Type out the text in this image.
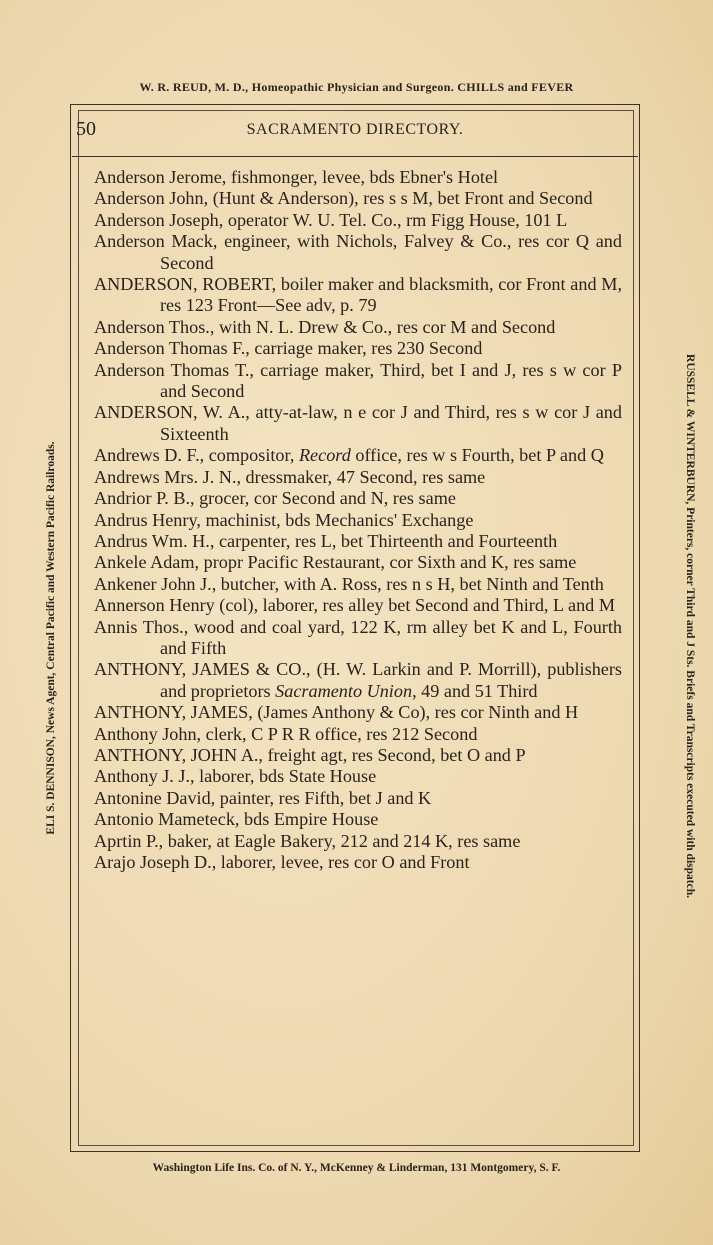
W. R. REUD, M. D., Homeopathic Physician and Surgeon. CHILLS and FEVER
ELI S. DENNISON, News Agent, Central Pacific and Western Pacific Railroads.	RUSSELL & WINTERBURN, Printers, corner Third and J Sts. Briefs and Transcripts executed with dispatch.
50	SACRAMENTO DIRECTORY.

Anderson Jerome, fishmonger, levee, bds Ebner's Hotel

Anderson John, (Hunt & Anderson), res s s M, bet Front and Second

Anderson Joseph, operator W. U. Tel. Co., rm Figg House, 101 L

Anderson Mack, engineer, with Nichols, Falvey & Co., res cor Q and Second

ANDERSON, ROBERT, boiler maker and blacksmith, cor Front and M, res 123 Front—See adv, p. 79

Anderson Thos., with N. L. Drew & Co., res cor M and Second

Anderson Thomas F., carriage maker, res 230 Second

Anderson Thomas T., carriage maker, Third, bet I and J, res s w cor P and Second

ANDERSON, W. A., atty-at-law, n e cor J and Third, res s w cor J and Sixteenth

Andrews D. F., compositor, Record office, res w s Fourth, bet P and Q

Andrews Mrs. J. N., dressmaker, 47 Second, res same

Andrior P. B., grocer, cor Second and N, res same

Andrus Henry, machinist, bds Mechanics' Exchange

Andrus Wm. H., carpenter, res L, bet Thirteenth and Fourteenth

Ankele Adam, propr Pacific Restaurant, cor Sixth and K, res same

Ankener John J., butcher, with A. Ross, res n s H, bet Ninth and Tenth

Annerson Henry (col), laborer, res alley bet Second and Third, L and M

Annis Thos., wood and coal yard, 122 K, rm alley bet K and L, Fourth and Fifth

ANTHONY, JAMES & CO., (H. W. Larkin and P. Morrill), publishers and proprietors Sacramento Union, 49 and 51 Third

ANTHONY, JAMES, (James Anthony & Co), res cor Ninth and H

Anthony John, clerk, C P R R office, res 212 Second

ANTHONY, JOHN A., freight agt, res Second, bet O and P

Anthony J. J., laborer, bds State House

Antonine David, painter, res Fifth, bet J and K

Antonio Mameteck, bds Empire House

Aprtin P., baker, at Eagle Bakery, 212 and 214 K, res same

Arajo Joseph D., laborer, levee, res cor O and Front

Washington Life Ins. Co. of N. Y., McKenney & Linderman, 131 Montgomery, S. F.
